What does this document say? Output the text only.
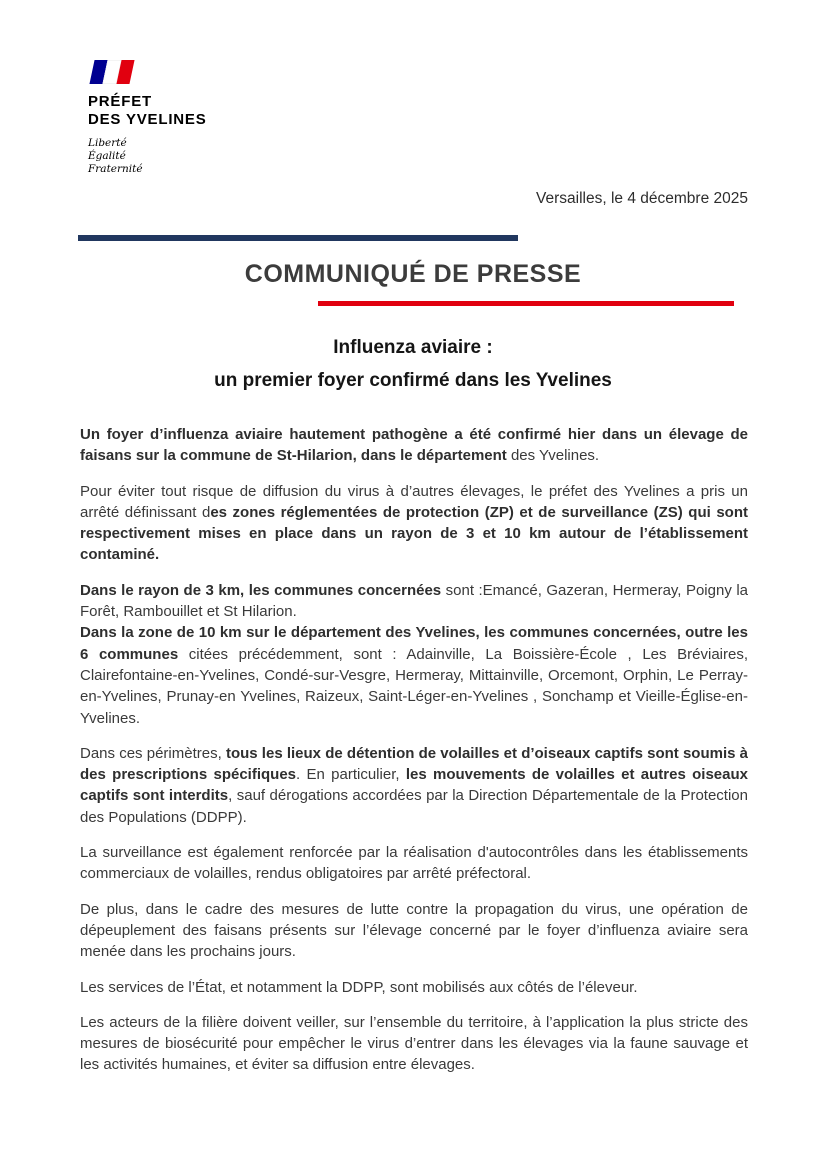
PRÉFET
DES YVELINES
Liberté
Égalité
Fraternité
Versailles, le 4 décembre 2025
COMMUNIQUÉ DE PRESSE
Influenza aviaire :
un premier foyer confirmé dans les Yvelines

Un foyer d’influenza aviaire hautement pathogène a été confirmé hier dans un élevage de faisans sur la commune de St-Hilarion, dans le département des Yvelines.

Pour éviter tout risque de diffusion du virus à d’autres élevages, le préfet des Yvelines a pris un arrêté définissant des zones réglementées de protection (ZP) et de surveillance (ZS) qui sont respectivement mises en place dans un rayon de 3 et 10 km autour de l’établissement contaminé.

Dans le rayon de 3 km, les communes concernées sont :Emancé, Gazeran, Hermeray, Poigny la Forêt, Rambouillet et St Hilarion.

Dans la zone de 10 km sur le département des Yvelines, les communes concernées, outre les 6 communes citées précédemment, sont : Adainville, La Boissière-École , Les Bréviaires, Clairefontaine-en-Yvelines, Condé-sur-Vesgre, Hermeray, Mittainville, Orcemont, Orphin, Le Perray-en-Yvelines, Prunay-en Yvelines, Raizeux, Saint-Léger-en-Yvelines , Sonchamp et Vieille-Église-en-Yvelines.

Dans ces périmètres, tous les lieux de détention de volailles et d’oiseaux captifs sont soumis à des prescriptions spécifiques. En particulier, les mouvements de volailles et autres oiseaux captifs sont interdits, sauf dérogations accordées par la Direction Départementale de la Protection des Populations (DDPP).

La surveillance est également renforcée par la réalisation d'autocontrôles dans les établissements commerciaux de volailles, rendus obligatoires par arrêté préfectoral.

De plus, dans le cadre des mesures de lutte contre la propagation du virus, une opération de dépeuplement des faisans présents sur l’élevage concerné par le foyer d’influenza aviaire sera menée dans les prochains jours.

Les services de l’État, et notamment la DDPP, sont mobilisés aux côtés de l’éleveur.

Les acteurs de la filière doivent veiller, sur l’ensemble du territoire, à l’application la plus stricte des mesures de biosécurité pour empêcher le virus d’entrer dans les élevages via la faune sauvage et les activités humaines, et éviter sa diffusion entre élevages.
